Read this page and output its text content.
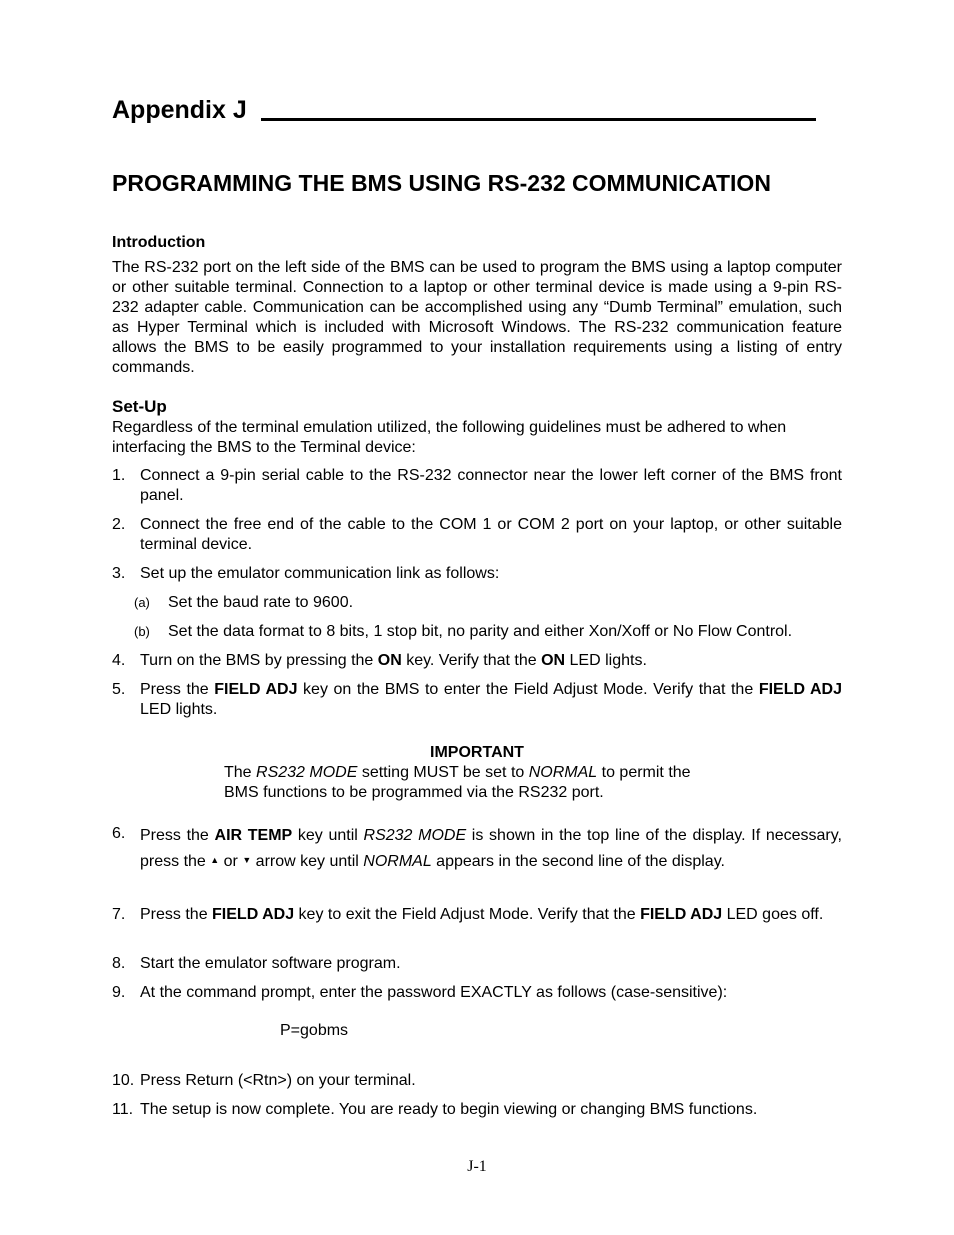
Appendix J
PROGRAMMING THE BMS USING RS-232 COMMUNICATION
Introduction
The RS-232 port on the left side of the BMS can be used to program the BMS using a laptop computer or other suitable terminal. Connection to a laptop or other terminal device is made using a 9-pin RS-232 adapter cable. Communication can be accomplished using any “Dumb Terminal” emulation, such as Hyper Terminal which is included with Microsoft Windows. The RS-232 communication feature allows the BMS to be easily programmed to your installation requirements using a listing of entry commands.
Set-Up
Regardless of the terminal emulation utilized, the following guidelines must be adhered to when
interfacing the BMS to the Terminal device:
1. Connect a 9-pin serial cable to the RS-232 connector near the lower left corner of the BMS front panel.
2. Connect the free end of the cable to the COM 1 or COM 2 port on your laptop, or other suitable terminal device.
3. Set up the emulator communication link as follows:
(a) Set the baud rate to 9600.
(b) Set the data format to 8 bits, 1 stop bit, no parity and either Xon/Xoff or No Flow Control.
4. Turn on the BMS by pressing the ON key. Verify that the ON LED lights.
5. Press the FIELD ADJ key on the BMS to enter the Field Adjust Mode. Verify that the FIELD ADJ LED lights.
6. Press the AIR TEMP key until RS232 MODE is shown in the top line of the display. If necessary, press the ▲ or ▼ arrow key until NORMAL appears in the second line of the display.
7. Press the FIELD ADJ key to exit the Field Adjust Mode. Verify that the FIELD ADJ LED goes off.
8. Start the emulator software program.
9. At the command prompt, enter the password EXACTLY as follows (case-sensitive):
P=gobms
10. Press Return (<Rtn>) on your terminal.
11. The setup is now complete. You are ready to begin viewing or changing BMS functions.
IMPORTANT
The RS232 MODE setting MUST be set to NORMAL to permit the
BMS functions to be programmed via the RS232 port.
J-1
